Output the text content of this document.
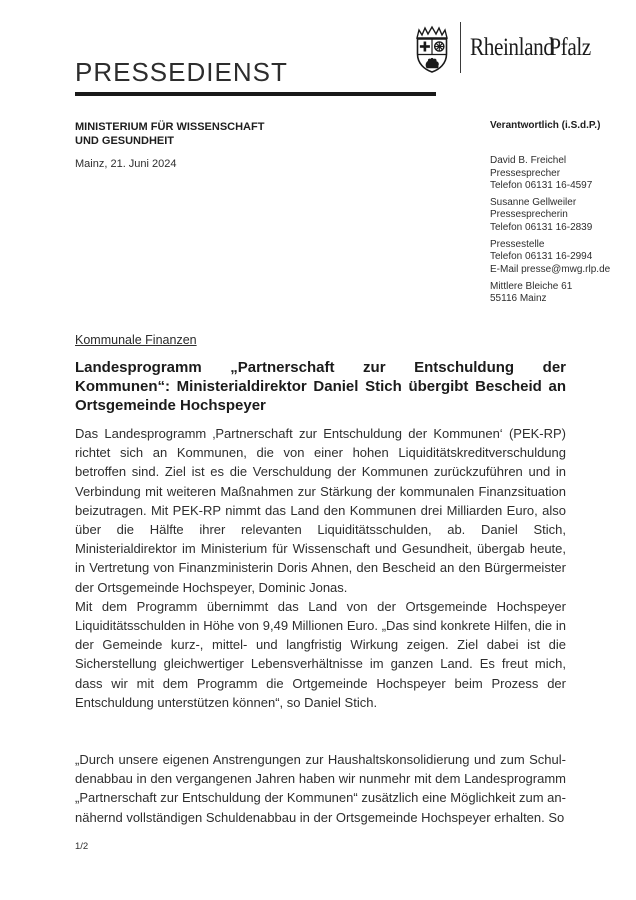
RheinlandPfalz
PRESSEDIENST
MINISTERIUM FÜR WISSENSCHAFT
UND GESUNDHEIT
Mainz, 21. Juni 2024
Verantwortlich (i.S.d.P.)
David B. Freichel
Pressesprecher
Telefon 06131 16-4597
Susanne Gellweiler
Pressesprecherin
Telefon 06131 16-2839
Pressestelle
Telefon 06131 16-2994
E-Mail presse@mwg.rlp.de
Mittlere Bleiche 61
55116 Mainz

Kommunale Finanzen

Landesprogramm „Partnerschaft zur Entschuldung der Kommunen“: Ministerialdirektor Daniel Stich übergibt Bescheid an Ortsgemeinde Hochspeyer

Das Landesprogramm ‚Partnerschaft zur Entschuldung der Kommunen‘ (PEK-RP) richtet sich an Kommunen, die von einer hohen Liquiditätskreditverschuldung betroffen sind. Ziel ist es die Verschuldung der Kommunen zurückzuführen und in Verbindung mit weiteren Maßnahmen zur Stärkung der kommunalen Finanzsituation beizutragen. Mit PEK-RP nimmt das Land den Kommunen drei Milliarden Euro, also über die Hälfte ihrer relevanten Liquiditätsschulden, ab. Daniel Stich, Ministerialdirektor im Ministerium für Wissenschaft und Gesundheit, übergab heute, in Vertretung von Finanzministerin Doris Ahnen, den Bescheid an den Bürgermeister der Ortsgemeinde Hochspeyer, Dominic Jonas.

Mit dem Programm übernimmt das Land von der Ortsgemeinde Hochspeyer Liquiditätsschulden in Höhe von 9,49 Millionen Euro. „Das sind konkrete Hilfen, die in der Gemeinde kurz-, mittel- und langfristig Wirkung zeigen. Ziel dabei ist die Sicherstellung gleichwertiger Lebensverhältnisse im ganzen Land. Es freut mich, dass wir mit dem Programm die Ortgemeinde Hochspeyer beim Prozess der Entschuldung unterstützen können“, so Daniel Stich.

„Durch unsere eigenen Anstrengungen zur Haushaltskonsolidierung und zum Schuldenabbau in den vergangenen Jahren haben wir nunmehr mit dem Landesprogramm „Partnerschaft zur Entschuldung der Kommunen“ zusätzlich eine Möglichkeit zum annähernd vollständigen Schuldenabbau in der Ortsgemeinde Hochspeyer erhalten. So

1/2
